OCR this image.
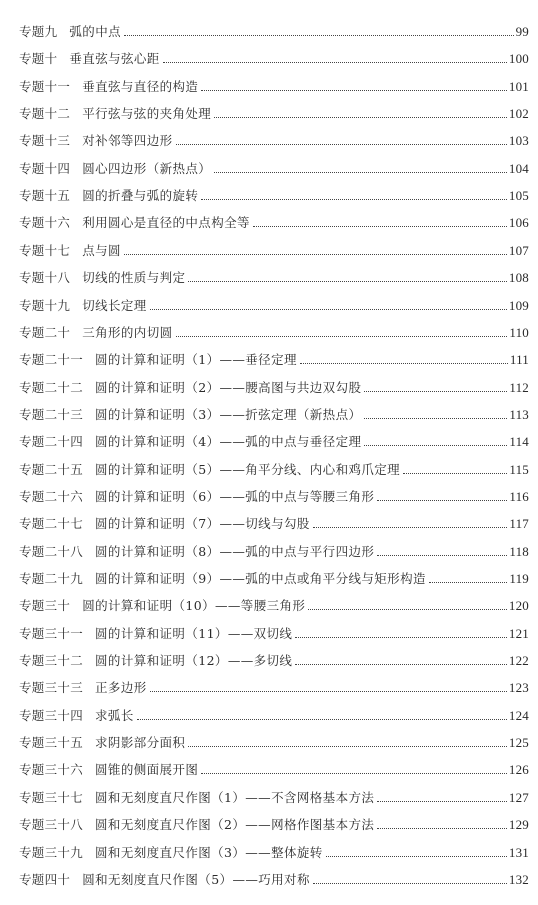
专题九 弧的中点	99
专题十 垂直弦与弦心距	100
专题十一 垂直弦与直径的构造	101
专题十二 平行弦与弦的夹角处理	102
专题十三 对补邻等四边形	103
专题十四 圆心四边形（新热点）	104
专题十五 圆的折叠与弧的旋转	105
专题十六 利用圆心是直径的中点构全等	106
专题十七 点与圆	107
专题十八 切线的性质与判定	108
专题十九 切线长定理	109
专题二十 三角形的内切圆	110
专题二十一 圆的计算和证明（1）——垂径定理	111
专题二十二 圆的计算和证明（2）——腰高图与共边双勾股	112
专题二十三 圆的计算和证明（3）——折弦定理（新热点）	113
专题二十四 圆的计算和证明（4）——弧的中点与垂径定理	114
专题二十五 圆的计算和证明（5）——角平分线、内心和鸡爪定理	115
专题二十六 圆的计算和证明（6）——弧的中点与等腰三角形	116
专题二十七 圆的计算和证明（7）——切线与勾股	117
专题二十八 圆的计算和证明（8）——弧的中点与平行四边形	118
专题二十九 圆的计算和证明（9）——弧的中点或角平分线与矩形构造	119
专题三十 圆的计算和证明（10）——等腰三角形	120
专题三十一 圆的计算和证明（11）——双切线	121
专题三十二 圆的计算和证明（12）——多切线	122
专题三十三 正多边形	123
专题三十四 求弧长	124
专题三十五 求阴影部分面积	125
专题三十六 圆锥的侧面展开图	126
专题三十七 圆和无刻度直尺作图（1）——不含网格基本方法	127
专题三十八 圆和无刻度直尺作图（2）——网格作图基本方法	129
专题三十九 圆和无刻度直尺作图（3）——整体旋转	131
专题四十 圆和无刻度直尺作图（5）——巧用对称	132
